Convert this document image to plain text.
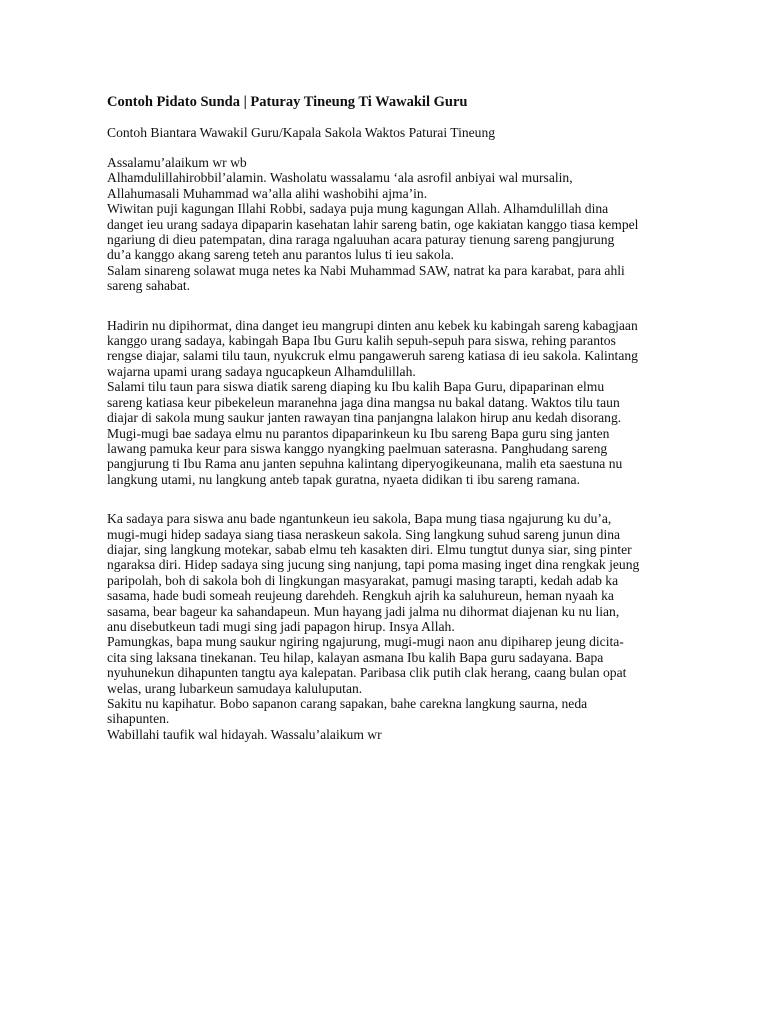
Contoh Pidato Sunda | Paturay Tineung Ti Wawakil Guru
Contoh Biantara Wawakil Guru/Kapala Sakola Waktos Paturai Tineung
Assalamu’alaikum wr wb
Alhamdulillahirobbil’alamin. Washolatu wassalamu ‘ala asrofil anbiyai wal mursalin,
Allahumasali Muhammad wa’alla alihi washobihi ajma’in.
Wiwitan puji kagungan Illahi Robbi, sadaya puja mung kagungan Allah. Alhamdulillah dina
danget ieu urang sadaya dipaparin kasehatan lahir sareng batin, oge kakiatan kanggo tiasa kempel
ngariung di dieu patempatan, dina raraga ngaluuhan acara paturay tienung sareng pangjurung
du’a kanggo akang sareng teteh anu parantos lulus ti ieu sakola.
Salam sinareng solawat muga netes ka Nabi Muhammad SAW, natrat ka para karabat, para ahli
sareng sahabat.
Hadirin nu dipihormat, dina danget ieu mangrupi dinten anu kebek ku kabingah sareng kabagjaan
kanggo urang sadaya, kabingah Bapa Ibu Guru kalih sepuh-sepuh para siswa, rehing parantos
rengse diajar, salami tilu taun, nyukcruk elmu pangaweruh sareng katiasa di ieu sakola. Kalintang
wajarna upami urang sadaya ngucapkeun Alhamdulillah.
Salami tilu taun para siswa diatik sareng diaping ku Ibu kalih Bapa Guru, dipaparinan elmu
sareng katiasa keur pibekeleun maranehna jaga dina mangsa nu bakal datang. Waktos tilu taun
diajar di sakola mung saukur janten rawayan tina panjangna lalakon hirup anu kedah disorang.
Mugi-mugi bae sadaya elmu nu parantos dipaparinkeun ku Ibu sareng Bapa guru sing janten
lawang pamuka keur para siswa kanggo nyangking paelmuan saterasna. Panghudang sareng
pangjurung ti Ibu Rama anu janten sepuhna kalintang diperyogikeunana, malih eta saestuna nu
langkung utami, nu langkung anteb tapak guratna, nyaeta didikan ti ibu sareng ramana.
Ka sadaya para siswa anu bade ngantunkeun ieu sakola, Bapa mung tiasa ngajurung ku du’a,
mugi-mugi hidep sadaya siang tiasa neraskeun sakola. Sing langkung suhud sareng junun dina
diajar, sing langkung motekar, sabab elmu teh kasakten diri. Elmu tungtut dunya siar, sing pinter
ngaraksa diri. Hidep sadaya sing jucung sing nanjung, tapi poma masing inget dina rengkak jeung
paripolah, boh di sakola boh di lingkungan masyarakat, pamugi masing tarapti, kedah adab ka
sasama, hade budi someah reujeung darehdeh. Rengkuh ajrih ka saluhureun, heman nyaah ka
sasama, bear bageur ka sahandapeun. Mun hayang jadi jalma nu dihormat diajenan ku nu lian,
anu disebutkeun tadi mugi sing jadi papagon hirup. Insya Allah.
Pamungkas, bapa mung saukur ngiring ngajurung, mugi-mugi naon anu dipiharep jeung dicita-
cita sing laksana tinekanan. Teu hilap, kalayan asmana Ibu kalih Bapa guru sadayana. Bapa
nyuhunekun dihapunten tangtu aya kalepatan. Paribasa clik putih clak herang, caang bulan opat
welas, urang lubarkeun samudaya kaluluputan.
Sakitu nu kapihatur. Bobo sapanon carang sapakan, bahe carekna langkung saurna, neda
sihapunten.
Wabillahi taufik wal hidayah. Wassalu’alaikum wr
